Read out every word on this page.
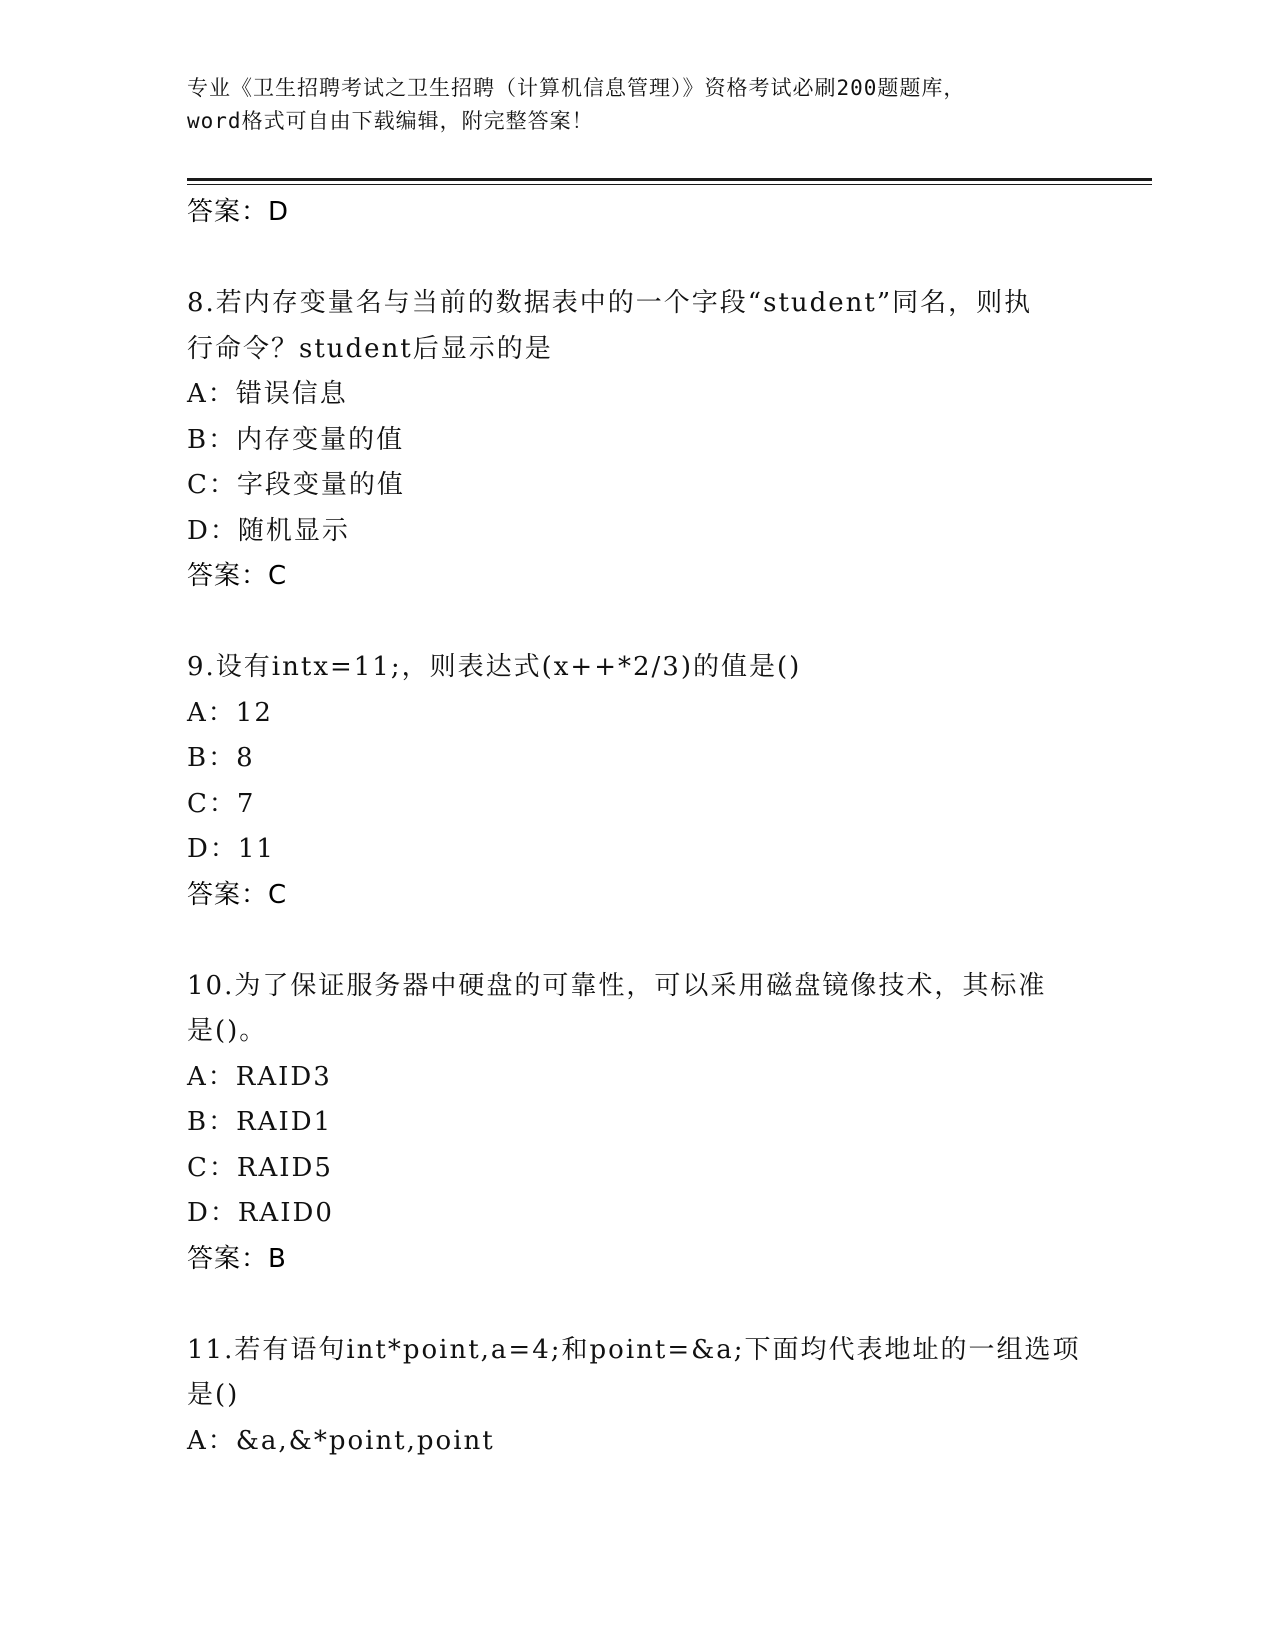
专业《卫生招聘考试之卫生招聘（计算机信息管理）》资格考试必刷200题题库，
word格式可自由下载编辑，附完整答案！
答案：D
8.若内存变量名与当前的数据表中的一个字段“student”同名，则执
行命令？student后显示的是
A：错误信息
B：内存变量的值
C：字段变量的值
D：随机显示
答案：C
9.设有intx=11;，则表达式(x++*2/3)的值是()
A：12
B：8
C：7
D：11
答案：C
10.为了保证服务器中硬盘的可靠性，可以采用磁盘镜像技术，其标准
是()。
A：RAID3
B：RAID1
C：RAID5
D：RAID0
答案：B
11.若有语句int*point,a=4;和point=&a;下面均代表地址的一组选项
是()
A：&a,&*point,point
